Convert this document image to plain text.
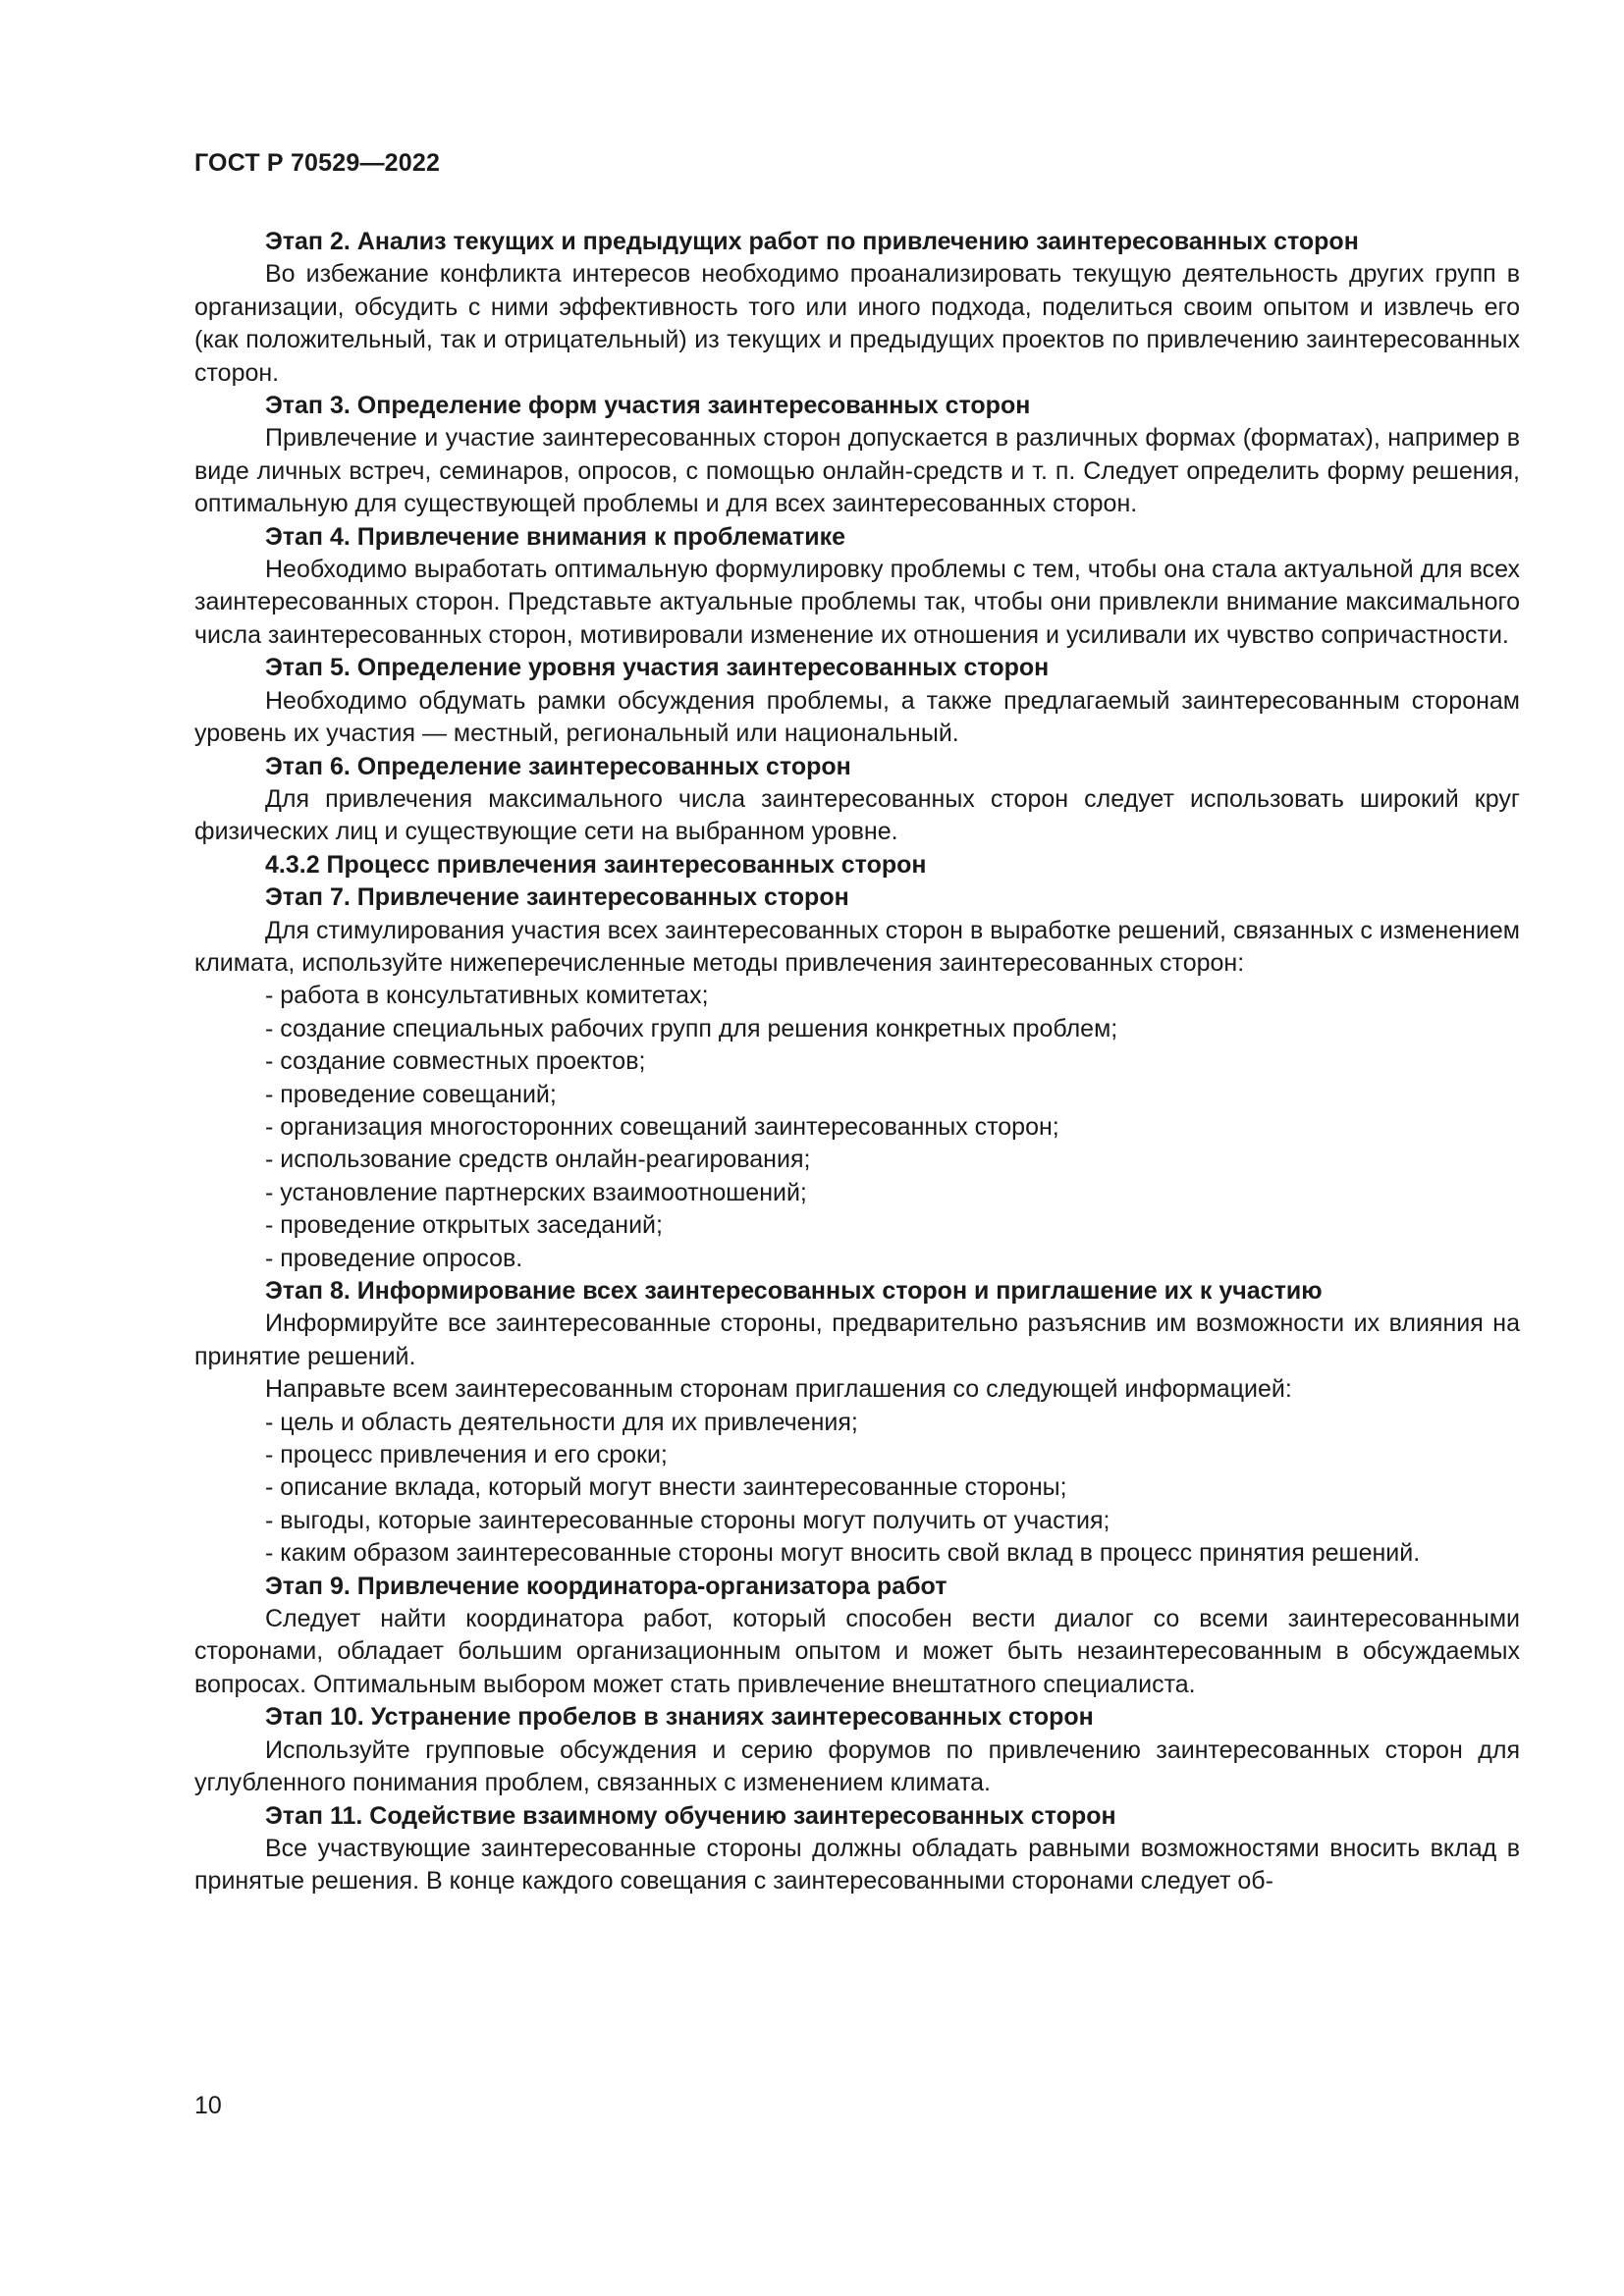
ГОСТ Р 70529—2022

Этап 2. Анализ текущих и предыдущих работ по привлечению заинтересованных сторон

Во избежание конфликта интересов необходимо проанализировать текущую деятельность других групп в организации, обсудить с ними эффективность того или иного подхода, поделиться своим опытом и извлечь его (как положительный, так и отрицательный) из текущих и предыдущих проектов по привлечению заинтересованных сторон.

Этап 3. Определение форм участия заинтересованных сторон

Привлечение и участие заинтересованных сторон допускается в различных формах (форматах), например в виде личных встреч, семинаров, опросов, с помощью онлайн-средств и т. п. Следует определить форму решения, оптимальную для существующей проблемы и для всех заинтересованных сторон.

Этап 4. Привлечение внимания к проблематике

Необходимо выработать оптимальную формулировку проблемы с тем, чтобы она стала актуальной для всех заинтересованных сторон. Представьте актуальные проблемы так, чтобы они привлекли внимание максимального числа заинтересованных сторон, мотивировали изменение их отношения и усиливали их чувство сопричастности.

Этап 5. Определение уровня участия заинтересованных сторон

Необходимо обдумать рамки обсуждения проблемы, а также предлагаемый заинтересованным сторонам уровень их участия — местный, региональный или национальный.

Этап 6. Определение заинтересованных сторон

Для привлечения максимального числа заинтересованных сторон следует использовать широкий круг физических лиц и существующие сети на выбранном уровне.

4.3.2 Процесс привлечения заинтересованных сторон

Этап 7. Привлечение заинтересованных сторон

Для стимулирования участия всех заинтересованных сторон в выработке решений, связанных с изменением климата, используйте нижеперечисленные методы привлечения заинтересованных сторон:

- работа в консультативных комитетах;

- создание специальных рабочих групп для решения конкретных проблем;

- создание совместных проектов;

- проведение совещаний;

- организация многосторонних совещаний заинтересованных сторон;

- использование средств онлайн-реагирования;

- установление партнерских взаимоотношений;

- проведение открытых заседаний;

- проведение опросов.

Этап 8. Информирование всех заинтересованных сторон и приглашение их к участию

Информируйте все заинтересованные стороны, предварительно разъяснив им возможности их влияния на принятие решений.

Направьте всем заинтересованным сторонам приглашения со следующей информацией:

- цель и область деятельности для их привлечения;

- процесс привлечения и его сроки;

- описание вклада, который могут внести заинтересованные стороны;

- выгоды, которые заинтересованные стороны могут получить от участия;

- каким образом заинтересованные стороны могут вносить свой вклад в процесс принятия решений.

Этап 9. Привлечение координатора-организатора работ

Следует найти координатора работ, который способен вести диалог со всеми заинтересованными сторонами, обладает большим организационным опытом и может быть незаинтересованным в обсуждаемых вопросах. Оптимальным выбором может стать привлечение внештатного специалиста.

Этап 10. Устранение пробелов в знаниях заинтересованных сторон

Используйте групповые обсуждения и серию форумов по привлечению заинтересованных сторон для углубленного понимания проблем, связанных с изменением климата.

Этап 11. Содействие взаимному обучению заинтересованных сторон

Все участвующие заинтересованные стороны должны обладать равными возможностями вносить вклад в принятые решения. В конце каждого совещания с заинтересованными сторонами следует об-

10
